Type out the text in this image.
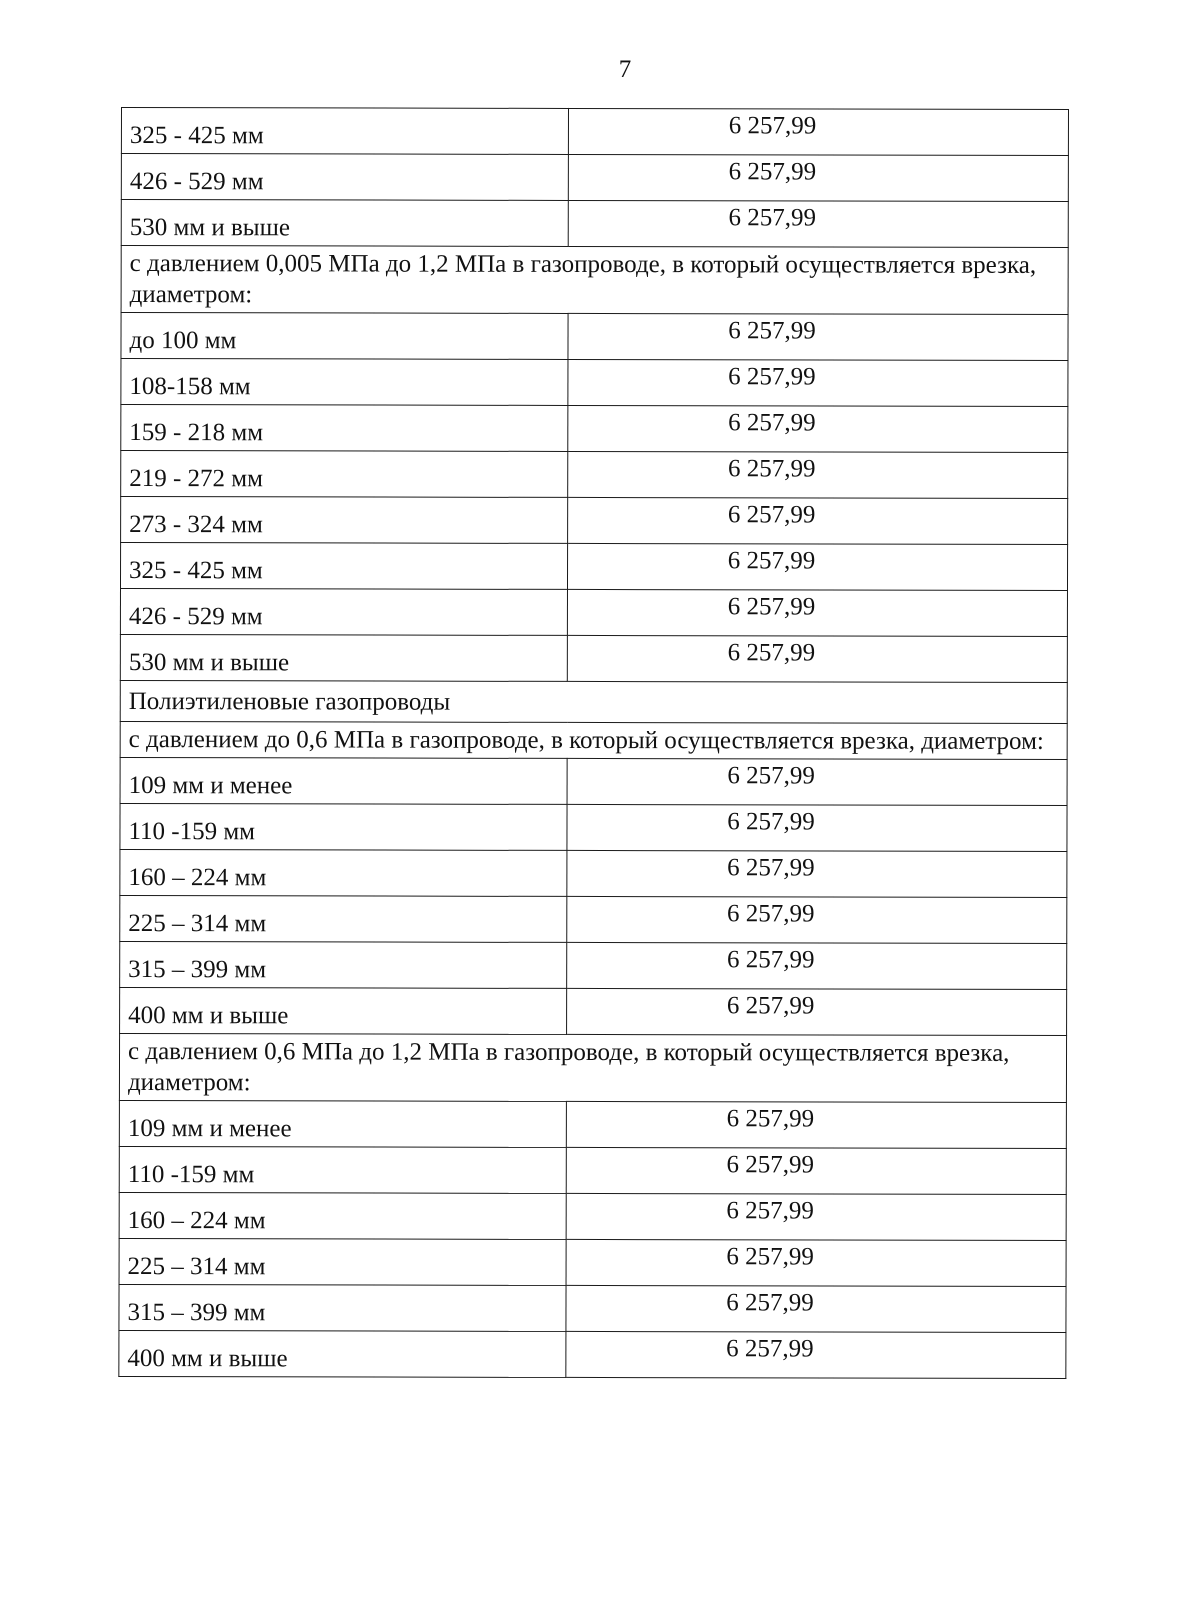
7
325 - 425 мм	6 257,99
426 - 529 мм	6 257,99
530 мм и выше	6 257,99
с давлением 0,005 МПа до 1,2 МПа в газопроводе, в который осуществляется врезка, диаметром:	
до 100 мм	6 257,99
108-158 мм	6 257,99
159 - 218 мм	6 257,99
219 - 272 мм	6 257,99
273 - 324 мм	6 257,99
325 - 425 мм	6 257,99
426 - 529 мм	6 257,99
530 мм и выше	6 257,99
Полиэтиленовые газопроводы	
с давлением до 0,6 МПа в газопроводе, в который осуществляется врезка, диаметром:	
109 мм и менее	6 257,99
110 -159 мм	6 257,99
160 – 224 мм	6 257,99
225 – 314 мм	6 257,99
315 – 399 мм	6 257,99
400 мм и выше	6 257,99
с давлением 0,6 МПа до 1,2 МПа в газопроводе, в который осуществляется врезка, диаметром:	
109 мм и менее	6 257,99
110 -159 мм	6 257,99
160 – 224 мм	6 257,99
225 – 314 мм	6 257,99
315 – 399 мм	6 257,99
400 мм и выше	6 257,99
